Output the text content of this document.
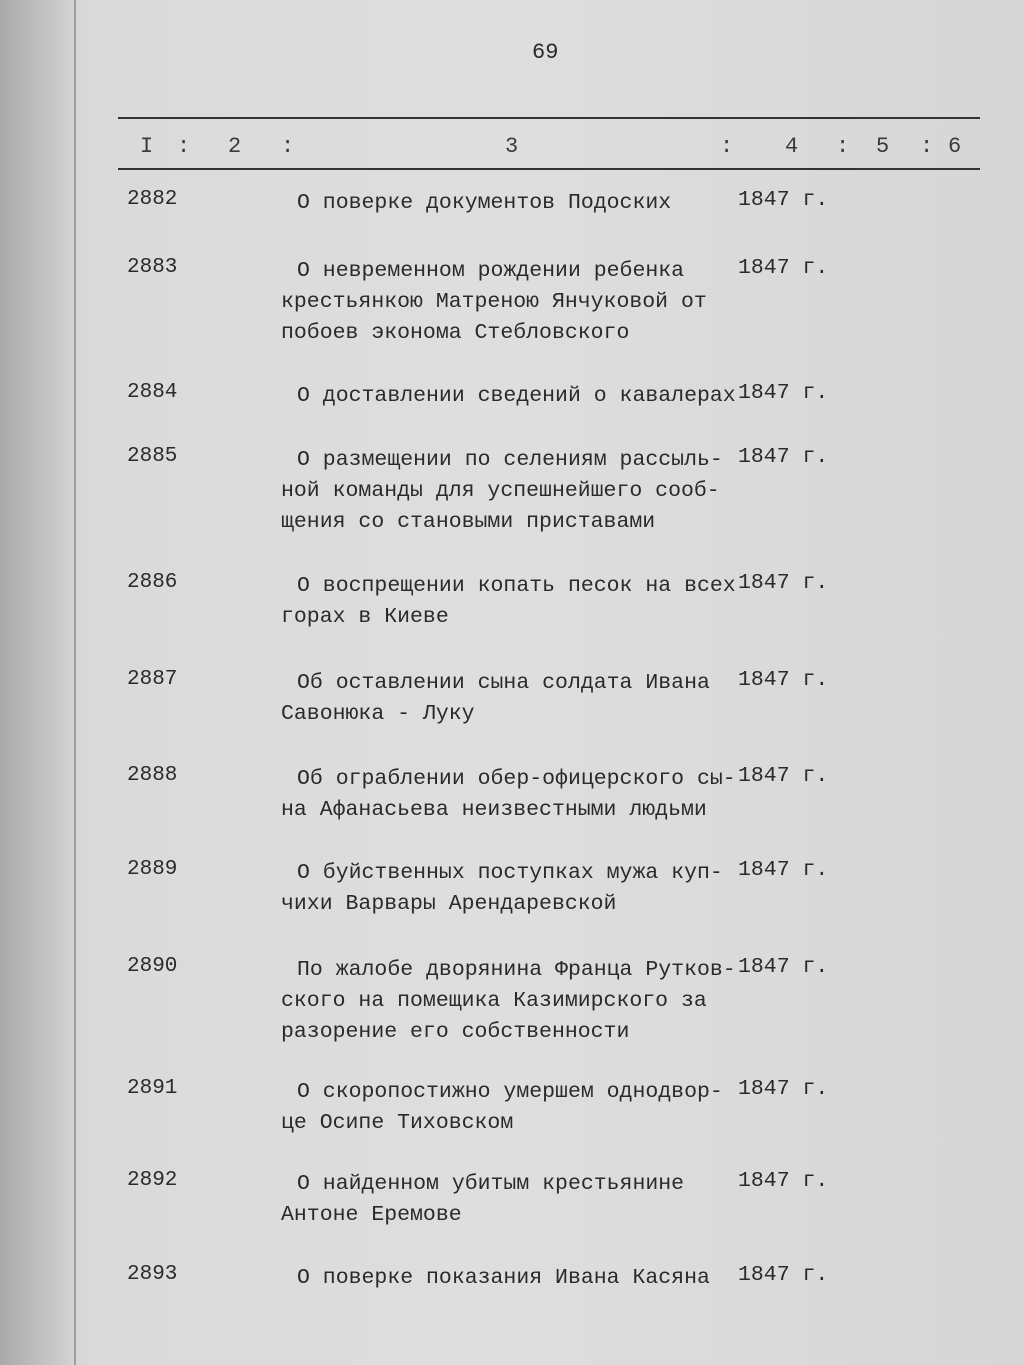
69
I : 2 :	3	: 4 : 5 : 6
2882	О поверке документов Подоских	1847 г.
2883	О невременном рождении ребенка
крестьянкою Матреною Янчуковой от
побоев эконома Стебловского
1847 г.
2884	О доставлении сведений о кавалерах 1847 г.
2885	О размещении по селениям рассыль-
ной команды для успешнейшего сооб-
щения со становыми приставами
1847 г.
2886	О воспрещении копать песок на всех
горах в Киеве
1847 г.
2887	Об оставлении сына солдата Ивана
Савонюка - Луку
1847 г.
2888	Об ограблении обер-офицерского сы-
на Афанасьева неизвестными людьми
1847 г.
2889	О буйственных поступках мужа куп-
чихи Варвары Арендаревской
1847 г.
2890	По жалобе дворянина Франца Рутков-
ского на помещика Казимирского за
разорение его собственности
1847 г.
2891	О скоропостижно умершем однодвор-
це Осипе Тиховском
1847 г.
2892	О найденном убитым крестьянине
Антоне Еремове
1847 г.
2893	О поверке показания Ивана Касяна	1847 г.
